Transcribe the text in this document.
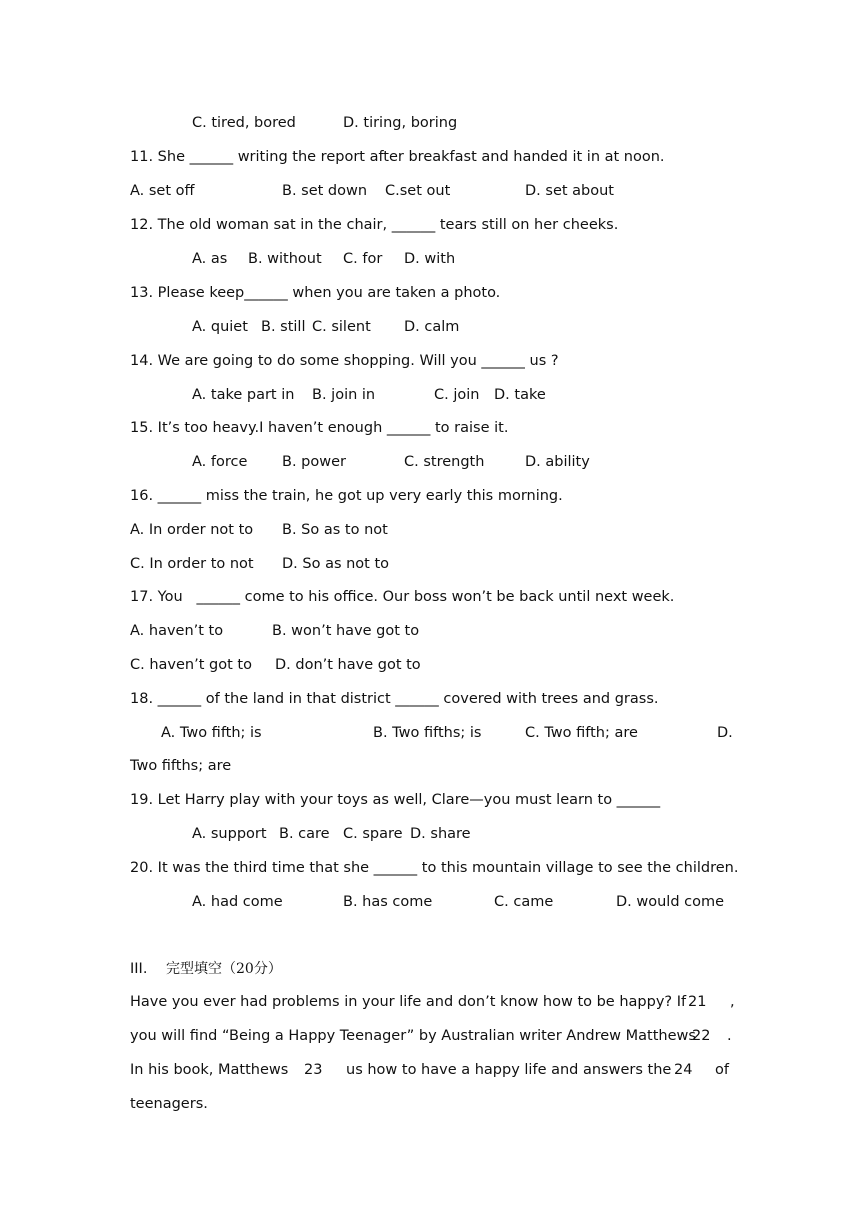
C. tired, bored	D. tiring, boring
11. She ______ writing the report after breakfast and handed it in at noon.
A. set off	B. set down C.set out	D. set about
12. The old woman sat in the chair, ______ tears still on her cheeks.
A. as B. without C. for D. with
13. Please keep______ when you are taken a photo.
A. quiet B. still C. silent D. calm
14. We are going to do some shopping. Will you ______ us ?
A. take part in B. join in	C. join D. take
15. It’s too heavy.I haven’t enough ______ to raise it.
A. force B. power	C. strength	D. ability
16. ______ miss the train, he got up very early this morning.
A. In order not to B. So as to not
C. In order to not D. So as not to
17. You   ______ come to his office. Our boss won’t be back until next week.
A. haven’t to	B. won’t have got to
C. haven’t got to D. don’t have got to
18. ______ of the land in that district ______ covered with trees and grass.
A. Two fifth; is	B. Two fifths; is	C. Two fifth; are	D.
Two fifths; are
19. Let Harry play with your toys as well, Clare—you must learn to ______
A. support B. care C. spare D. share
20. It was the third time that she ______ to this mountain village to see the children.
A. had come	B. has come	C. came	D. would come
III. 完型填空（20分）
Have you ever had problems in your life and don’t know how to be happy? If 21 ,
you will find “Being a Happy Teenager” by Australian writer Andrew Matthews
22 .
In his book, Matthews 23 us how to have a happy life and answers the 24 of
teenagers.
